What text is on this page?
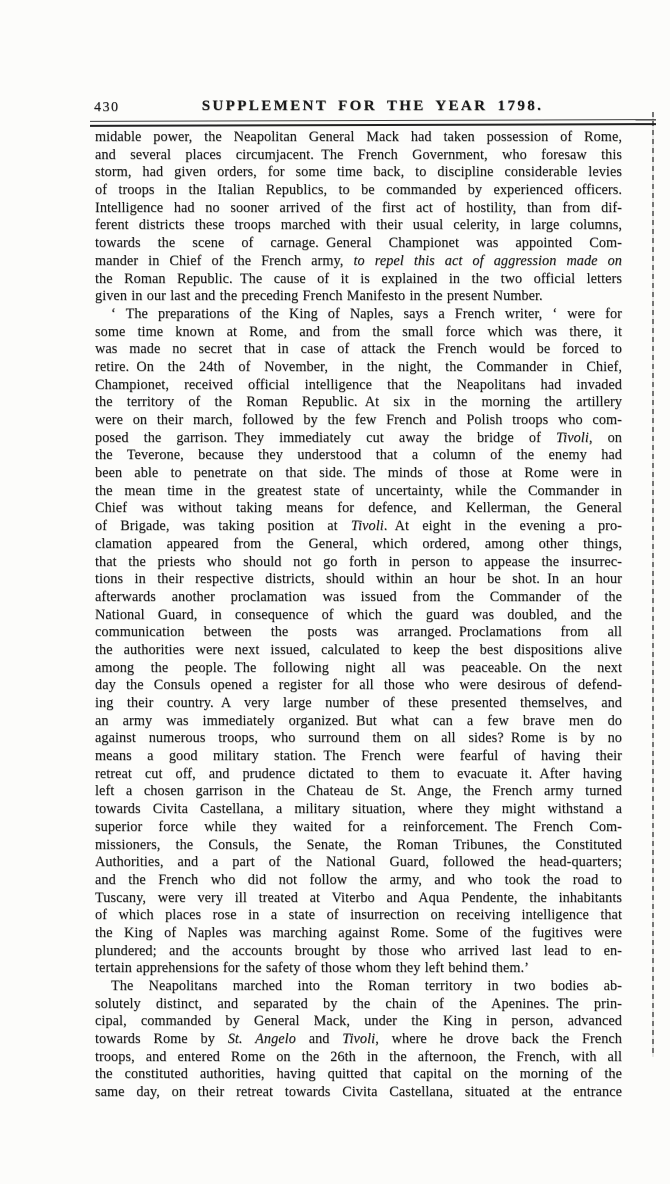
430	SUPPLEMENT FOR THE YEAR 1798.
midable power, the Neapolitan General Mack had taken possession of Rome,
and several places circumjacent. The French Government, who foresaw this
storm, had given orders, for some time back, to discipline considerable levies
of troops in the Italian Republics, to be commanded by experienced officers.
Intelligence had no sooner arrived of the first act of hostility, than from dif-
ferent districts these troops marched with their usual celerity, in large columns,
towards the scene of carnage. General Championet was appointed Com-
mander in Chief of the French army, to repel this act of aggression made on
the Roman Republic. The cause of it is explained in the two official letters
given in our last and the preceding French Manifesto in the present Number.
‘ The preparations of the King of Naples, says a French writer, ‘ were for
some time known at Rome, and from the small force which was there, it
was made no secret that in case of attack the French would be forced to
retire. On the 24th of November, in the night, the Commander in Chief,
Championet, received official intelligence that the Neapolitans had invaded
the territory of the Roman Republic. At six in the morning the artillery
were on their march, followed by the few French and Polish troops who com-
posed the garrison. They immediately cut away the bridge of Tivoli, on
the Teverone, because they understood that a column of the enemy had
been able to penetrate on that side. The minds of those at Rome were in
the mean time in the greatest state of uncertainty, while the Commander in
Chief was without taking means for defence, and Kellerman, the General
of Brigade, was taking position at Tivoli. At eight in the evening a pro-
clamation appeared from the General, which ordered, among other things,
that the priests who should not go forth in person to appease the insurrec-
tions in their respective districts, should within an hour be shot. In an hour
afterwards another proclamation was issued from the Commander of the
National Guard, in consequence of which the guard was doubled, and the
communication between the posts was arranged. Proclamations from all
the authorities were next issued, calculated to keep the best dispositions alive
among the people. The following night all was peaceable. On the next
day the Consuls opened a register for all those who were desirous of defend-
ing their country. A very large number of these presented themselves, and
an army was immediately organized. But what can a few brave men do
against numerous troops, who surround them on all sides? Rome is by no
means a good military station. The French were fearful of having their
retreat cut off, and prudence dictated to them to evacuate it. After having
left a chosen garrison in the Chateau de St. Ange, the French army turned
towards Civita Castellana, a military situation, where they might withstand a
superior force while they waited for a reinforcement. The French Com-
missioners, the Consuls, the Senate, the Roman Tribunes, the Constituted
Authorities, and a part of the National Guard, followed the head-quarters;
and the French who did not follow the army, and who took the road to
Tuscany, were very ill treated at Viterbo and Aqua Pendente, the inhabitants
of which places rose in a state of insurrection on receiving intelligence that
the King of Naples was marching against Rome. Some of the fugitives were
plundered; and the accounts brought by those who arrived last lead to en-
tertain apprehensions for the safety of those whom they left behind them.’
The Neapolitans marched into the Roman territory in two bodies ab-
solutely distinct, and separated by the chain of the Apenines. The prin-
cipal, commanded by General Mack, under the King in person, advanced
towards Rome by St. Angelo and Tivoli, where he drove back the French
troops, and entered Rome on the 26th in the afternoon, the French, with all
the constituted authorities, having quitted that capital on the morning of the
same day, on their retreat towards Civita Castellana, situated at the entrance
